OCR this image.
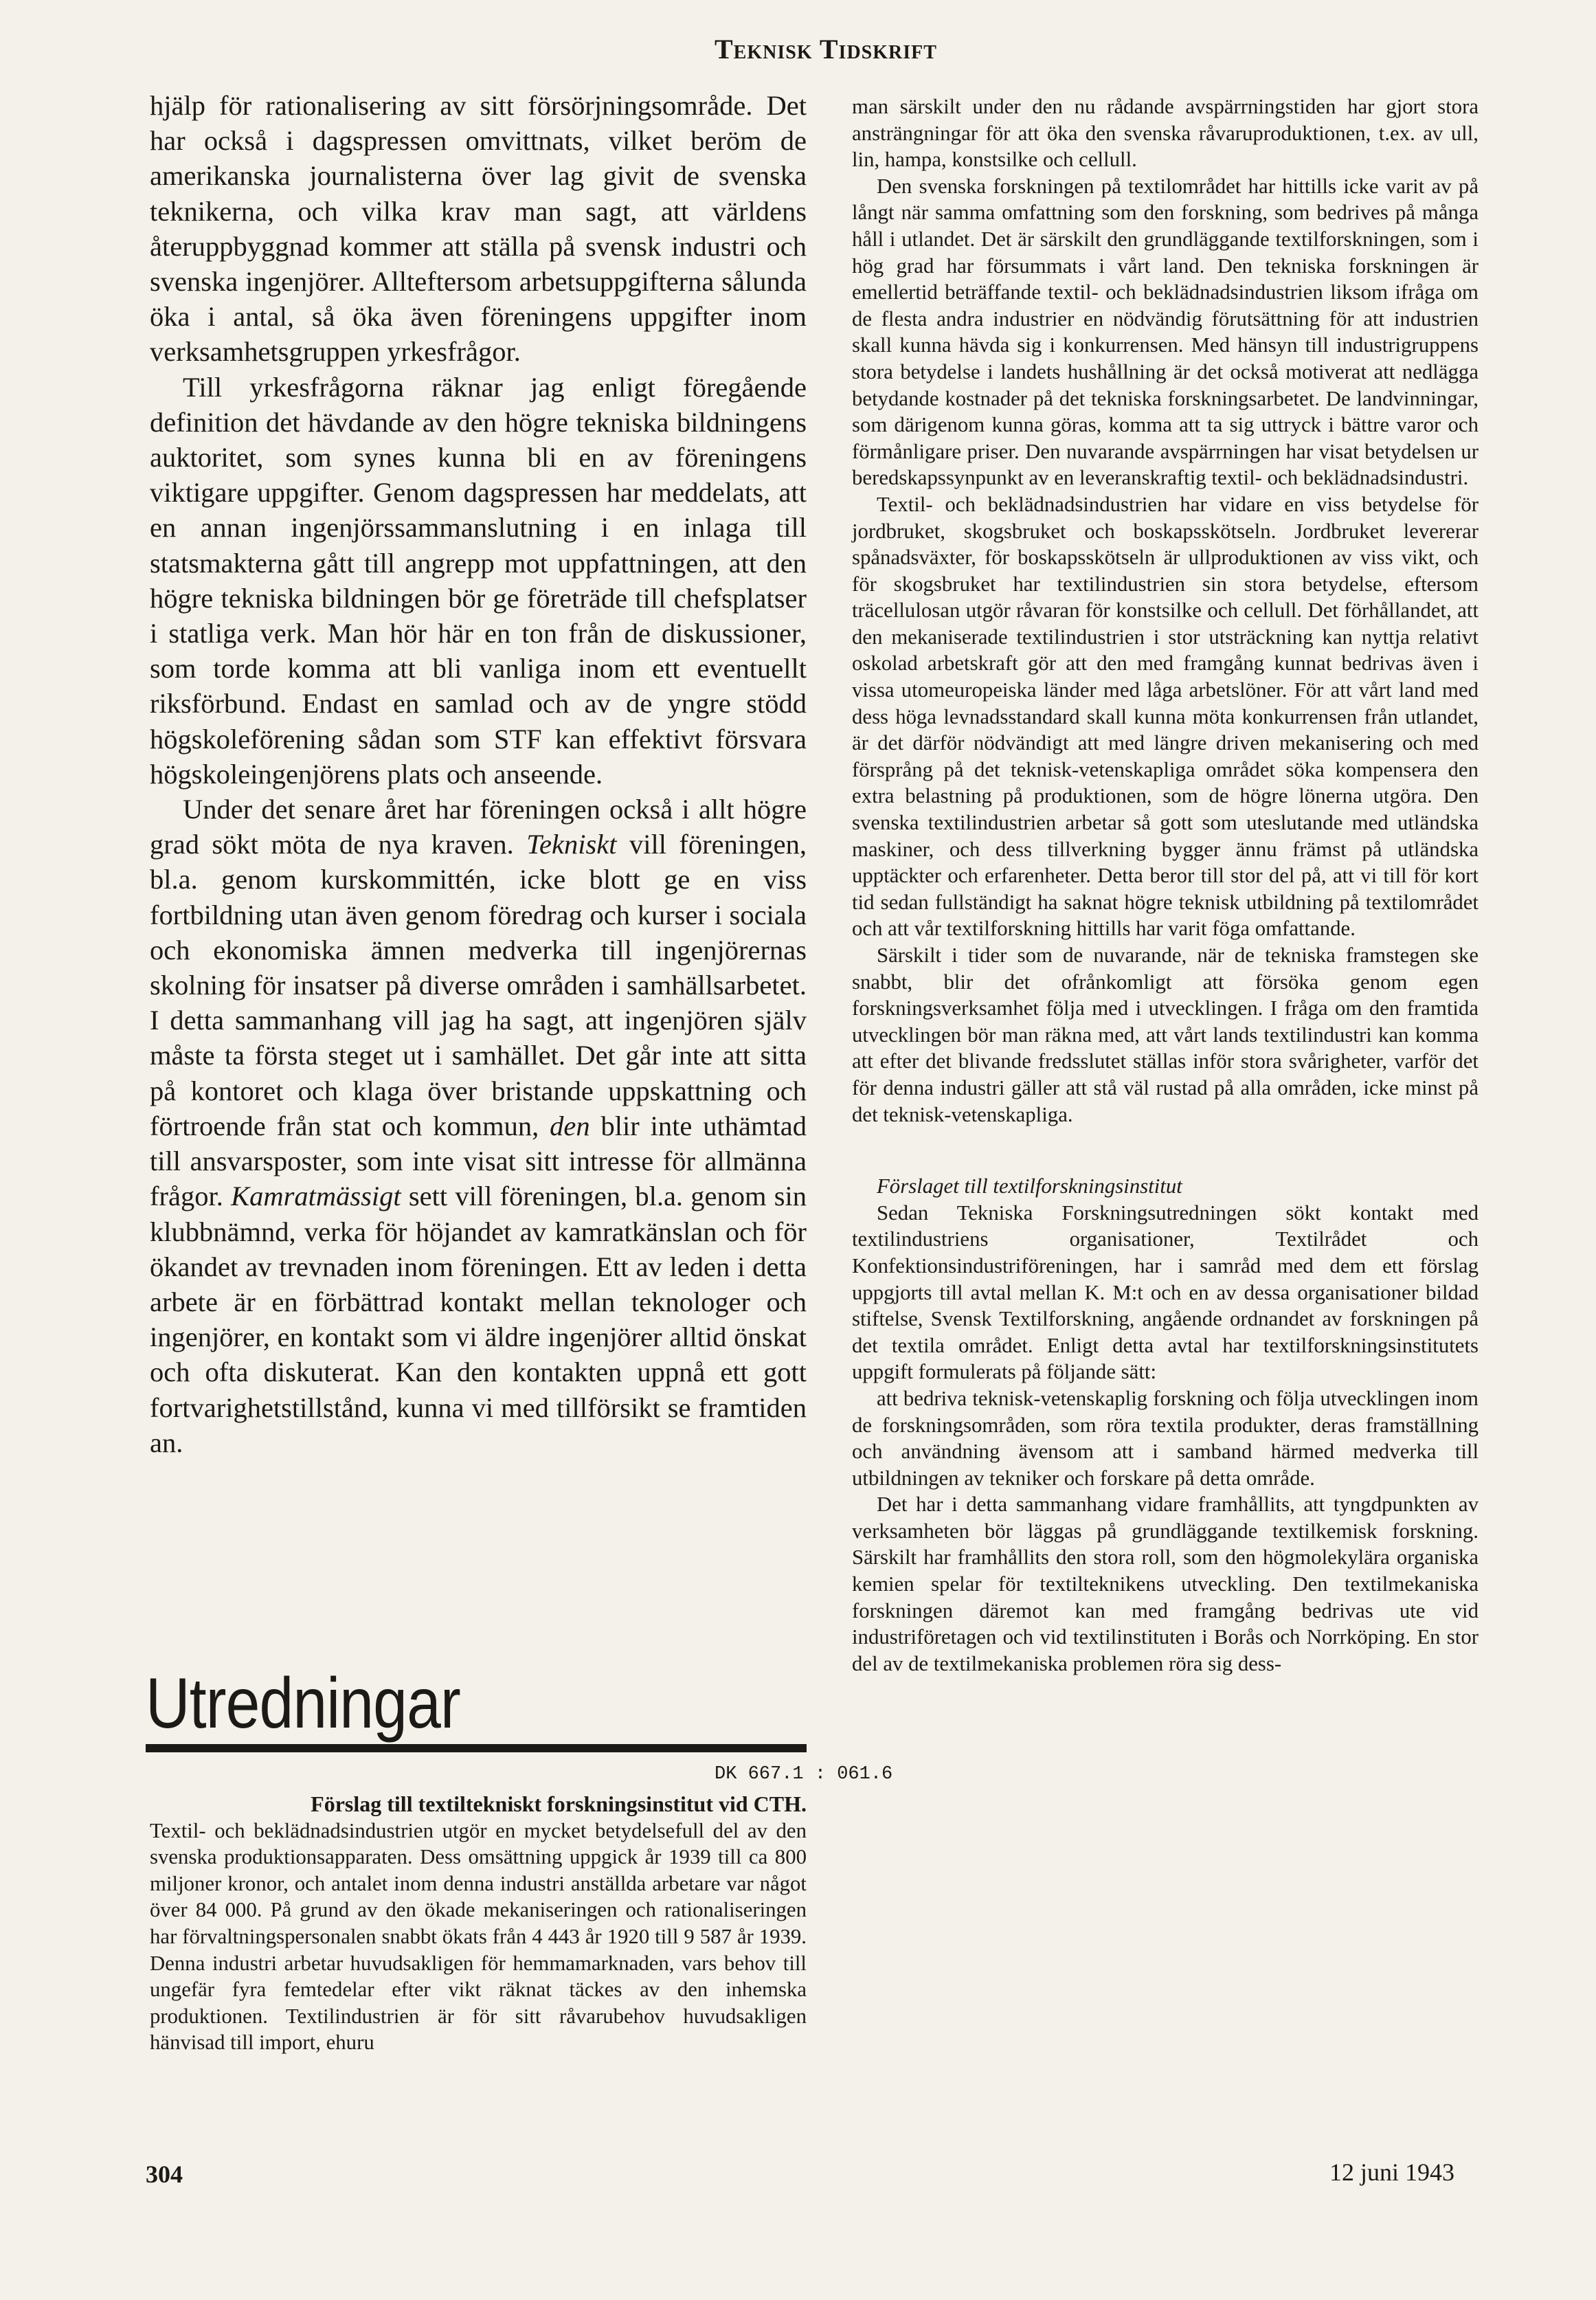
Teknisk Tidskrift

hjälp för rationalisering av sitt försörjningsområde. Det har också i dagspressen omvittnats, vilket beröm de amerikanska journalisterna över lag givit de svenska teknikerna, och vilka krav man sagt, att världens återuppbyggnad kommer att ställa på svensk industri och svenska ingenjörer. Allteftersom arbetsuppgifterna sålunda öka i antal, så öka även föreningens uppgifter inom verksamhetsgruppen yrkesfrågor.

Till yrkesfrågorna räknar jag enligt föregående definition det hävdande av den högre tekniska bildningens auktoritet, som synes kunna bli en av föreningens viktigare uppgifter. Genom dagspressen har meddelats, att en annan ingenjörssammanslutning i en inlaga till statsmakterna gått till angrepp mot uppfattningen, att den högre tekniska bildningen bör ge företräde till chefsplatser i statliga verk. Man hör här en ton från de diskussioner, som torde komma att bli vanliga inom ett eventuellt riksförbund. Endast en samlad och av de yngre stödd högskoleförening sådan som STF kan effektivt försvara högskoleingenjörens plats och anseende.

Under det senare året har föreningen också i allt högre grad sökt möta de nya kraven. Tekniskt vill föreningen, bl.a. genom kurskommittén, icke blott ge en viss fortbildning utan även genom föredrag och kurser i sociala och ekonomiska ämnen medverka till ingenjörernas skolning för insatser på diverse områden i samhällsarbetet. I detta sammanhang vill jag ha sagt, att ingenjören själv måste ta första steget ut i samhället. Det går inte att sitta på kontoret och klaga över bristande uppskattning och förtroende från stat och kommun, den blir inte uthämtad till ansvarsposter, som inte visat sitt intresse för allmänna frågor. Kamratmässigt sett vill föreningen, bl.a. genom sin klubbnämnd, verka för höjandet av kamratkänslan och för ökandet av trevnaden inom föreningen. Ett av leden i detta arbete är en förbättrad kontakt mellan teknologer och ingenjörer, en kontakt som vi äldre ingenjörer alltid önskat och ofta diskuterat. Kan den kontakten uppnå ett gott fortvarighetstillstånd, kunna vi med tillförsikt se framtiden an.

Utredningar
DK 667.1 : 061.6

Förslag till textiltekniskt forskningsinstitut vid CTH.

Textil- och beklädnadsindustrien utgör en mycket betydelsefull del av den svenska produktionsapparaten. Dess omsättning uppgick år 1939 till ca 800 miljoner kronor, och antalet inom denna industri anställda arbetare var något över 84 000. På grund av den ökade mekaniseringen och rationaliseringen har förvaltningspersonalen snabbt ökats från 4 443 år 1920 till 9 587 år 1939. Denna industri arbetar huvudsakligen för hemmamarknaden, vars behov till ungefär fyra femtedelar efter vikt räknat täckes av den inhemska produktionen. Textilindustrien är för sitt råvarubehov huvudsakligen hänvisad till import, ehuru

man särskilt under den nu rådande avspärrningstiden har gjort stora ansträngningar för att öka den svenska råvaruproduktionen, t.ex. av ull, lin, hampa, konstsilke och cellull.

Den svenska forskningen på textilområdet har hittills icke varit av på långt när samma omfattning som den forskning, som bedrives på många håll i utlandet. Det är särskilt den grundläggande textilforskningen, som i hög grad har försummats i vårt land. Den tekniska forskningen är emellertid beträffande textil- och beklädnadsindustrien liksom ifråga om de flesta andra industrier en nödvändig förutsättning för att industrien skall kunna hävda sig i konkurrensen. Med hänsyn till industrigruppens stora betydelse i landets hushållning är det också motiverat att nedlägga betydande kostnader på det tekniska forskningsarbetet. De landvinningar, som därigenom kunna göras, komma att ta sig uttryck i bättre varor och förmånligare priser. Den nuvarande avspärrningen har visat betydelsen ur beredskapssynpunkt av en leveranskraftig textil- och beklädnadsindustri.

Textil- och beklädnadsindustrien har vidare en viss betydelse för jordbruket, skogsbruket och boskapsskötseln. Jordbruket levererar spånadsväxter, för boskapsskötseln är ullproduktionen av viss vikt, och för skogsbruket har textilindustrien sin stora betydelse, eftersom träcellulosan utgör råvaran för konstsilke och cellull. Det förhållandet, att den mekaniserade textilindustrien i stor utsträckning kan nyttja relativt oskolad arbetskraft gör att den med framgång kunnat bedrivas även i vissa utomeuropeiska länder med låga arbetslöner. För att vårt land med dess höga levnadsstandard skall kunna möta konkurrensen från utlandet, är det därför nödvändigt att med längre driven mekanisering och med försprång på det teknisk-vetenskapliga området söka kompensera den extra belastning på produktionen, som de högre lönerna utgöra. Den svenska textilindustrien arbetar så gott som uteslutande med utländska maskiner, och dess tillverkning bygger ännu främst på utländska upptäckter och erfarenheter. Detta beror till stor del på, att vi till för kort tid sedan fullständigt ha saknat högre teknisk utbildning på textilområdet och att vår textilforskning hittills har varit föga omfattande.

Särskilt i tider som de nuvarande, när de tekniska framstegen ske snabbt, blir det ofrånkomligt att försöka genom egen forskningsverksamhet följa med i utvecklingen. I fråga om den framtida utvecklingen bör man räkna med, att vårt lands textilindustri kan komma att efter det blivande fredsslutet ställas inför stora svårigheter, varför det för denna industri gäller att stå väl rustad på alla områden, icke minst på det teknisk-vetenskapliga.

Förslaget till textilforskningsinstitut

Sedan Tekniska Forskningsutredningen sökt kontakt med textilindustriens organisationer, Textilrådet och Konfektionsindustriföreningen, har i samråd med dem ett förslag uppgjorts till avtal mellan K. M:t och en av dessa organisationer bildad stiftelse, Svensk Textilforskning, angående ordnandet av forskningen på det textila området. Enligt detta avtal har textilforskningsinstitutets uppgift formulerats på följande sätt:

att bedriva teknisk-vetenskaplig forskning och följa utvecklingen inom de forskningsområden, som röra textila produkter, deras framställning och användning ävensom att i samband härmed medverka till utbildningen av tekniker och forskare på detta område.

Det har i detta sammanhang vidare framhållits, att tyngdpunkten av verksamheten bör läggas på grundläggande textilkemisk forskning. Särskilt har framhållits den stora roll, som den högmolekylära organiska kemien spelar för textilteknikens utveckling. Den textilmekaniska forskningen däremot kan med framgång bedrivas ute vid industriföretagen och vid textilinstituten i Borås och Norrköping. En stor del av de textilmekaniska problemen röra sig dess-

304	12 juni 1943
